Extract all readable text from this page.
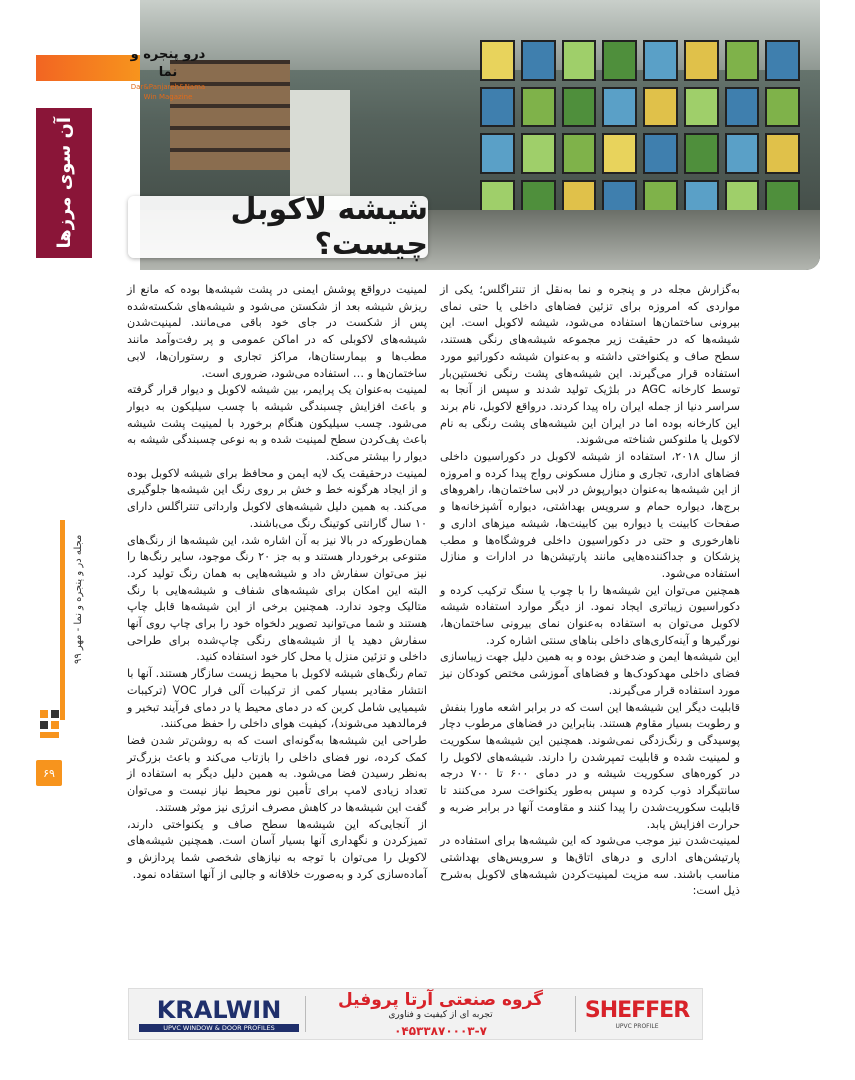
شیشه لاکوبل چیست؟
درو پنجره و نما
Dar&Panjareh&Nama Win Magazine
آن سوی مرزها
مجله در و پنجره و نما - مهر ۹۹
۶۹

به‌گزارش مجله در و پنجره و نما به‌نقل از تنتراگلس؛ یکی از مواردی که امروزه برای تزئین فضاهای داخلی یا حتی نمای بیرونی ساختمان‌ها استفاده می‌شود، شیشه لاکوبل است. این شیشه‌ها که در حقیقت زیر مجموعه شیشه‌های رنگی هستند، سطح صاف و یکنواختی داشته و به‌عنوان شیشه دکوراتیو مورد استفاده قرار می‌گیرند. این شیشه‌های پشت رنگی نخستین‌بار توسط کارخانه AGC در بلژیک تولید شدند و سپس از آنجا به سراسر دنیا از جمله ایران راه پیدا کردند. درواقع لاکوبل، نام برند این کارخانه بوده اما در ایران این شیشه‌های پشت رنگی به نام لاکوبل یا ملنوکس شناخته می‌شوند.

از سال ۲۰۱۸، استفاده از شیشه لاکوبل در دکوراسیون داخلی فضاهای اداری، تجاری و منازل مسکونی رواج پیدا کرده و امروزه از این شیشه‌ها به‌عنوان دیوارپوش در لابی ساختمان‌ها، راهروهای برج‌ها، دیواره حمام و سرویس بهداشتی، دیواره آشپزخانه‌ها و صفحات کابینت یا دیواره بین کابینت‌ها، شیشه میزهای اداری و ناهارخوری و حتی در دکوراسیون داخلی فروشگاه‌ها و مطب پزشکان و جداکننده‌هایی مانند پارتیشن‌ها در ادارات و منازل استفاده می‌شود.

همچنین می‌توان این شیشه‌ها را با چوب یا سنگ ترکیب کرده و دکوراسیون زیباتری ایجاد نمود. از دیگر موارد استفاده شیشه لاکوبل می‌توان به استفاده به‌عنوان نمای بیرونی ساختمان‌ها، نورگیرها و آینه‌کاری‌های داخلی بناهای سنتی اشاره کرد.

این شیشه‌ها ایمن و ضدخش بوده و به همین دلیل جهت زیباسازی فضای داخلی مهدکودک‌ها و فضاهای آموزشی مختص کودکان نیز مورد استفاده قرار می‌گیرند.

قابلیت دیگر این شیشه‌ها این است که در برابر اشعه ماورا بنفش و رطوبت بسیار مقاوم هستند. بنابراین در فضاهای مرطوب دچار پوسیدگی و رنگ‌زدگی نمی‌شوند. همچنین این شیشه‌ها سکوریت و لمینیت شده و قابلیت تمپرشدن را دارند. شیشه‌های لاکوبل را در کوره‌های سکوریت شیشه و در دمای ۶۰۰ تا ۷۰۰ درجه سانتیگراد ذوب کرده و سپس به‌طور یکنواخت سرد می‌کنند تا قابلیت سکوریت‌شدن را پیدا کنند و مقاومت آنها در برابر ضربه و حرارت افزایش یابد.

لمینیت‌شدن نیز موجب می‌شود که این شیشه‌ها برای استفاده در پارتیشن‌های اداری و درهای اتاق‌ها و سرویس‌های بهداشتی مناسب باشند. سه مزیت لمینیت‌کردن شیشه‌های لاکوبل به‌شرح ذیل است:

لمینیت درواقع پوشش ایمنی در پشت شیشه‌ها بوده که مانع از ریزش شیشه بعد از شکستن می‌شود و شیشه‌های شکسته‌شده پس از شکست در جای خود باقی می‌مانند. لمینیت‌شدن شیشه‌های لاکوبلی که در اماکن عمومی و پر رفت‌وآمد مانند مطب‌ها و بیمارستان‌ها، مراکز تجاری و رستوران‌ها، لابی ساختمان‌ها و … استفاده می‌شود، ضروری است.

لمینیت به‌عنوان یک پرایمر، بین شیشه لاکوبل و دیوار قرار گرفته و باعث افزایش چسبندگی شیشه با چسب سیلیکون به دیوار می‌شود. چسب سیلیکون هنگام برخورد با لمینیت پشت شیشه باعث پف‌کردن سطح لمینیت شده و به نوعی چسبندگی شیشه به دیوار را بیشتر می‌کند.

لمینیت درحقیقت یک لایه ایمن و محافظ برای شیشه لاکوبل بوده و از ایجاد هرگونه خط و خش بر روی رنگ این شیشه‌ها جلوگیری می‌کند. به همین دلیل شیشه‌های لاکوبل وارداتی تنتراگلس دارای ۱۰ سال گارانتی کوتینگ رنگ می‌باشند.

همان‌طورکه در بالا نیز به آن اشاره شد، این شیشه‌ها از رنگ‌های متنوعی برخوردار هستند و به جز ۲۰ رنگ موجود، سایر رنگ‌ها را نیز می‌توان سفارش داد و شیشه‌هایی به همان رنگ تولید کرد. البته این امکان برای شیشه‌های شفاف و شیشه‌هایی با رنگ متالیک وجود ندارد. همچنین برخی از این شیشه‌ها قابل چاپ هستند و شما می‌توانید تصویر دلخواه خود را برای چاپ روی آنها سفارش دهید یا از شیشه‌های رنگی چاپ‌شده برای طراحی داخلی و تزئین منزل یا محل کار خود استفاده کنید.

تمام رنگ‌های شیشه لاکوبل با محیط زیست سازگار هستند. آنها با انتشار مقادیر بسیار کمی از ترکیبات آلی فرار VOC (ترکیبات شیمیایی شامل کربن که در دمای محیط یا در دمای فرآیند تبخیر و فرمالدهید می‌شوند)، کیفیت هوای داخلی را حفظ می‌کنند.

طراحی این شیشه‌ها به‌گونه‌ای است که به روشن‌تر شدن فضا کمک کرده، نور فضای داخلی را بازتاب می‌کند و باعث بزرگ‌تر به‌نظر رسیدن فضا می‌شود. به همین دلیل دیگر به استفاده از تعداد زیادی لامپ برای تأمین نور محیط نیاز نیست و می‌توان گفت این شیشه‌ها در کاهش مصرف انرژی نیز موثر هستند.

از آنجایی‌که این شیشه‌ها سطح صاف و یکنواختی دارند، تمیزکردن و نگهداری آنها بسیار آسان است. همچنین شیشه‌های لاکوبل را می‌توان با توجه به نیازهای شخصی شما پردازش و آماده‌سازی کرد و به‌صورت خلاقانه و جالبی از آنها استفاده نمود.

SHEFFER
UPVC PROFILE
گروه صنعتی آرتا پروفیل
تجربه ای از کیفیت و فناوری
۰۴۵۳۳۸۷۰۰۰۳-۷
KRALWIN
UPVC WINDOW & DOOR PROFILES
